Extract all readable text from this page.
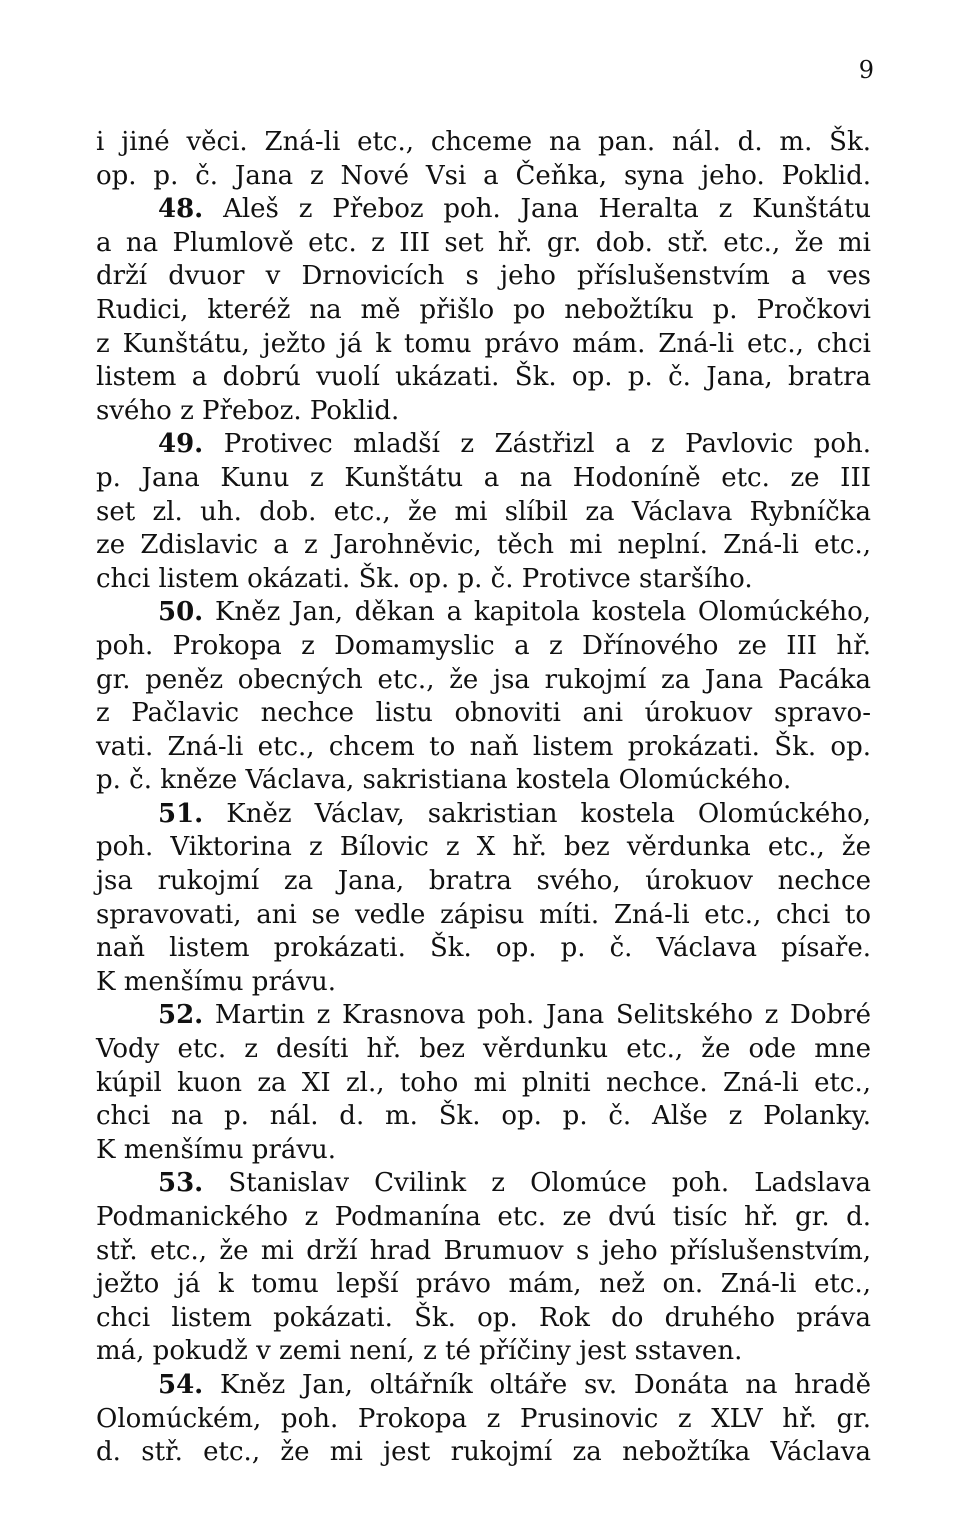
9
i jiné věci. Zná-li etc., chceme na pan. nál. d. m. Šk.
op. p. č. Jana z Nové Vsi a Čeňka, syna jeho. Poklid.
48. Aleš z Přeboz poh. Jana Heralta z Kunštátu
a na Plumlově etc. z III set hř. gr. dob. stř. etc., že mi
drží dvuor v Drnovicích s jeho příslušenstvím a ves
Rudici, kteréž na mě přišlo po nebožtíku p. Pročkovi
z Kunštátu, ježto já k tomu právo mám. Zná-li etc., chci
listem a dobrú vuolí ukázati. Šk. op. p. č. Jana, bratra
svého z Přeboz. Poklid.
49. Protivec mladší z Zástřizl a z Pavlovic poh.
p. Jana Kunu z Kunštátu a na Hodoníně etc. ze III
set zl. uh. dob. etc., že mi slíbil za Václava Rybníčka
ze Zdislavic a z Jarohněvic, těch mi neplní. Zná-li etc.,
chci listem okázati. Šk. op. p. č. Protivce staršího.
50. Kněz Jan, děkan a kapitola kostela Olomúckého,
poh. Prokopa z Domamyslic a z Dřínového ze III hř.
gr. peněz obecných etc., že jsa rukojmí za Jana Pacáka
z Pačlavic nechce listu obnoviti ani úrokuov spravo-
vati. Zná-li etc., chcem to naň listem prokázati. Šk. op.
p. č. kněze Václava, sakristiana kostela Olomúckého.
51. Kněz Václav, sakristian kostela Olomúckého,
poh. Viktorina z Bílovic z X hř. bez věrdunka etc., že
jsa rukojmí za Jana, bratra svého, úrokuov nechce
spravovati, ani se vedle zápisu míti. Zná-li etc., chci to
naň listem prokázati. Šk. op. p. č. Václava písaře.
K menšímu právu.
52. Martin z Krasnova poh. Jana Selitského z Dobré
Vody etc. z desíti hř. bez věrdunku etc., že ode mne
kúpil kuon za XI zl., toho mi plniti nechce. Zná-li etc.,
chci na p. nál. d. m. Šk. op. p. č. Alše z Polanky.
K menšímu právu.
53. Stanislav Cvilink z Olomúce poh. Ladslava
Podmanického z Podmanína etc. ze dvú tisíc hř. gr. d.
stř. etc., že mi drží hrad Brumuov s jeho příslušenstvím,
ježto já k tomu lepší právo mám, než on. Zná-li etc.,
chci listem pokázati. Šk. op. Rok do druhého práva
má, pokudž v zemi není, z té příčiny jest sstaven.
54. Kněz Jan, oltářník oltáře sv. Donáta na hradě
Olomúckém, poh. Prokopa z Prusinovic z XLV hř. gr.
d. stř. etc., že mi jest rukojmí za nebožtíka Václava
